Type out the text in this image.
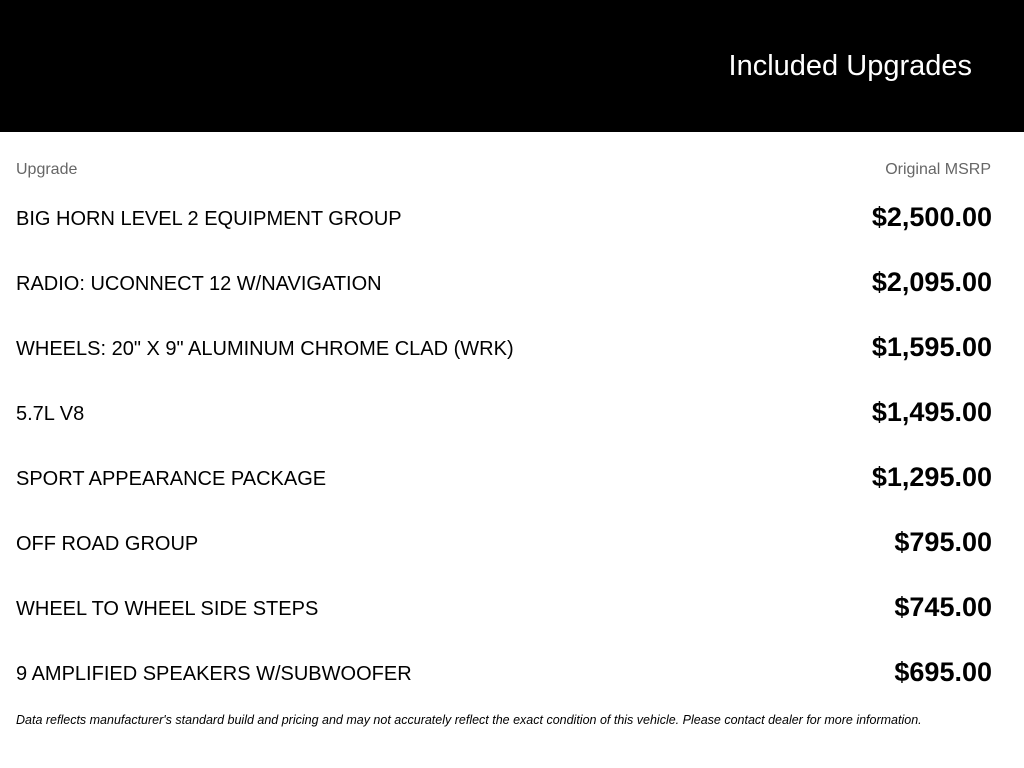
Included Upgrades
Upgrade	Original MSRP
BIG HORN LEVEL 2 EQUIPMENT GROUP	$2,500.00
RADIO: UCONNECT 12 W/NAVIGATION	$2,095.00
WHEELS: 20" X 9" ALUMINUM CHROME CLAD (WRK)	$1,595.00
5.7L V8	$1,495.00
SPORT APPEARANCE PACKAGE	$1,295.00
OFF ROAD GROUP	$795.00
WHEEL TO WHEEL SIDE STEPS	$745.00
9 AMPLIFIED SPEAKERS W/SUBWOOFER	$695.00
Data reflects manufacturer's standard build and pricing and may not accurately reflect the exact condition of this vehicle. Please contact dealer for more information.
